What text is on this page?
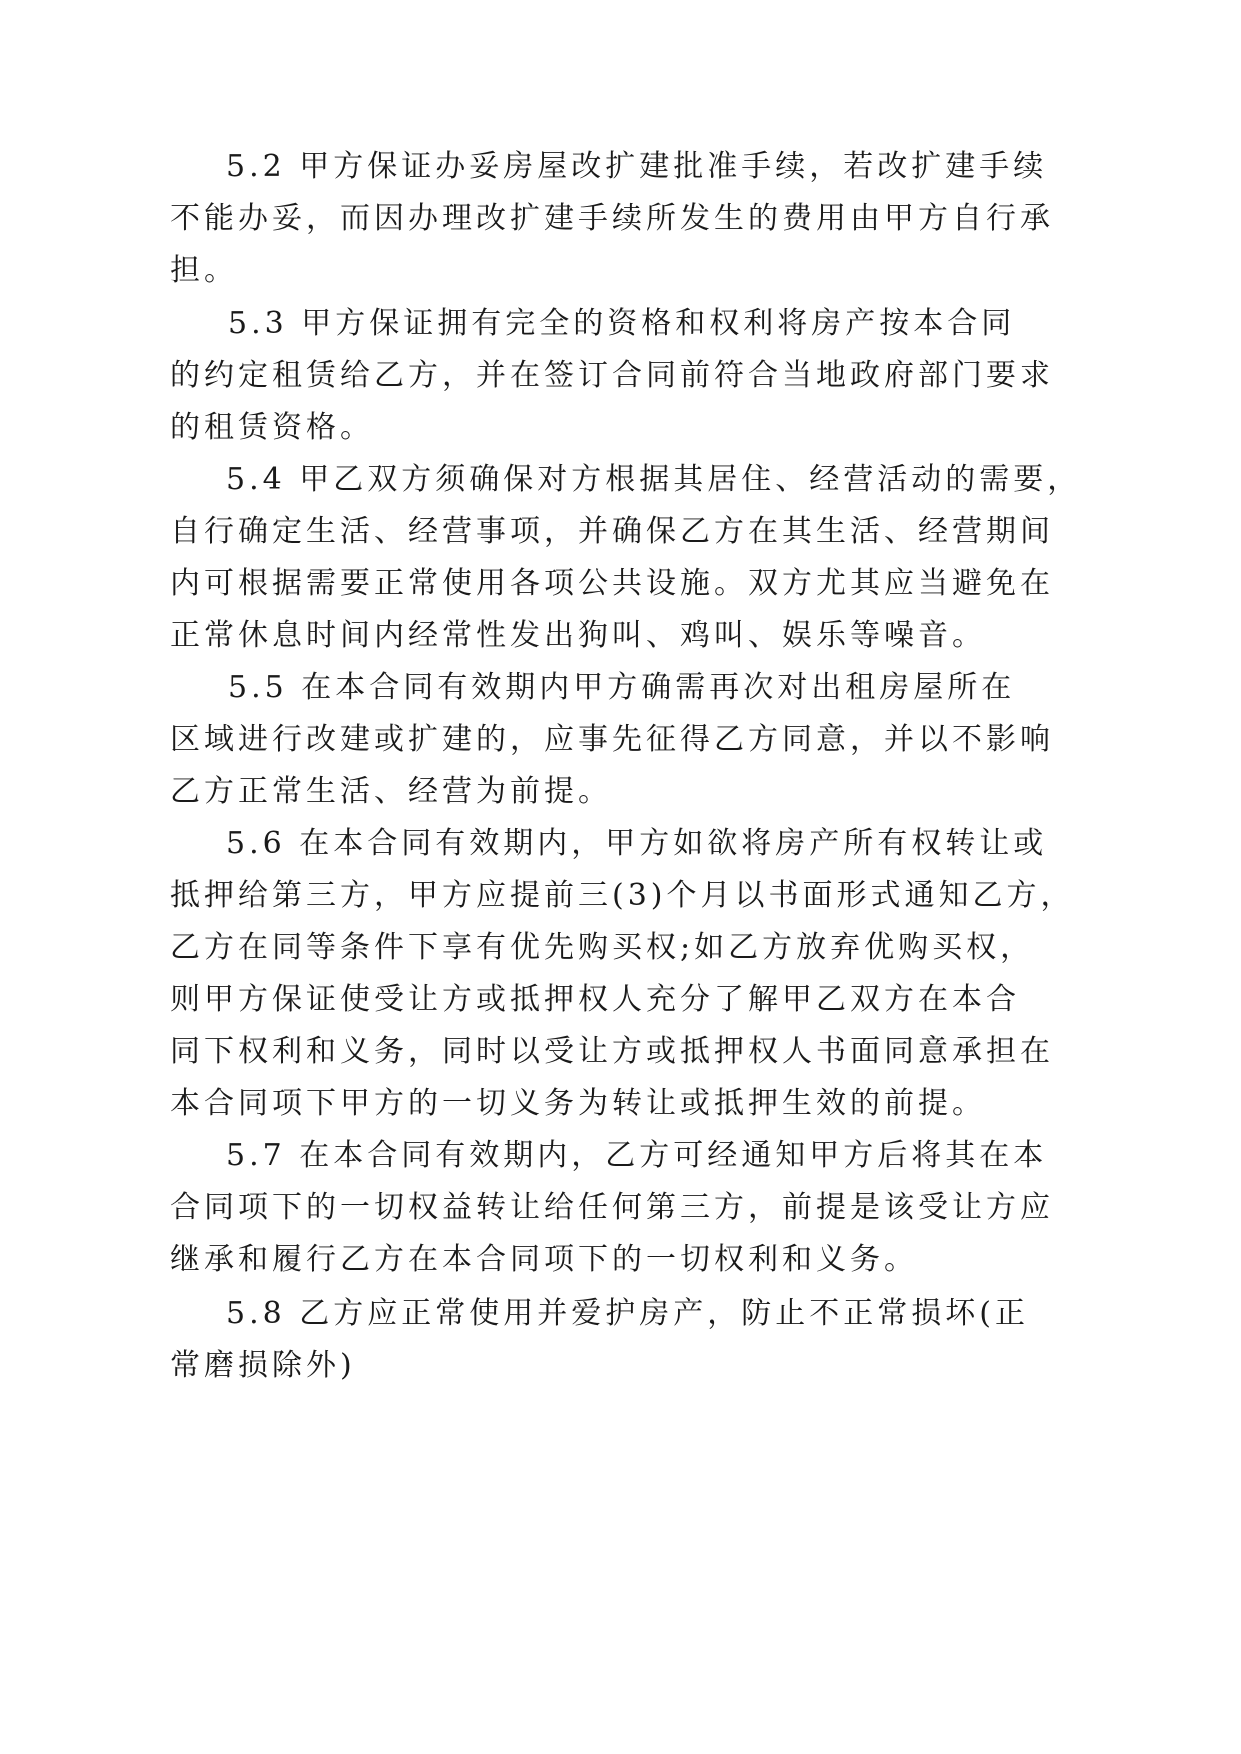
5.2 甲方保证办妥房屋改扩建批准手续，若改扩建手续
不能办妥，而因办理改扩建手续所发生的费用由甲方自行承
担。
5.3 甲方保证拥有完全的资格和权利将房产按本合同
的约定租赁给乙方，并在签订合同前符合当地政府部门要求
的租赁资格。
5.4 甲乙双方须确保对方根据其居住、经营活动的需要，
自行确定生活、经营事项，并确保乙方在其生活、经营期间
内可根据需要正常使用各项公共设施。双方尤其应当避免在
正常休息时间内经常性发出狗叫、鸡叫、娱乐等噪音。
5.5 在本合同有效期内甲方确需再次对出租房屋所在
区域进行改建或扩建的，应事先征得乙方同意，并以不影响
乙方正常生活、经营为前提。
5.6 在本合同有效期内，甲方如欲将房产所有权转让或
抵押给第三方，甲方应提前三(3)个月以书面形式通知乙方，
乙方在同等条件下享有优先购买权;如乙方放弃优购买权，
则甲方保证使受让方或抵押权人充分了解甲乙双方在本合
同下权利和义务，同时以受让方或抵押权人书面同意承担在
本合同项下甲方的一切义务为转让或抵押生效的前提。
5.7 在本合同有效期内，乙方可经通知甲方后将其在本
合同项下的一切权益转让给任何第三方，前提是该受让方应
继承和履行乙方在本合同项下的一切权利和义务。
5.8 乙方应正常使用并爱护房产，防止不正常损坏(正
常磨损除外)
